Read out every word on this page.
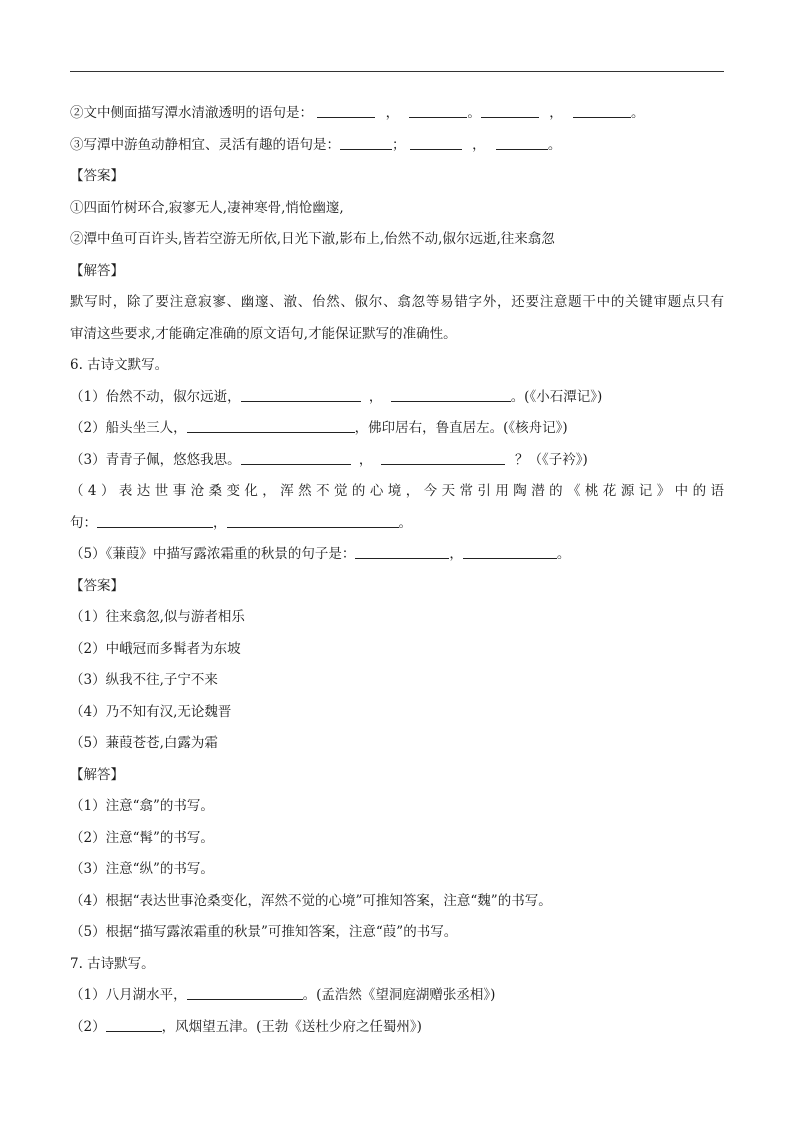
②文中侧面描写潭水清澈透明的语句是：	，	。	，	。
③写潭中游鱼动静相宜、灵活有趣的语句是：	；	，	。
【答案】
①四面竹树环合,寂寥无人,凄神寒骨,悄怆幽邃,
②潭中鱼可百许头,皆若空游无所依,日光下澈,影布上,佁然不动,俶尔远逝,往来翕忽
【解答】
默写时，除了要注意寂寥、幽邃、澈、佁然、俶尔、翕忽等易错字外，还要注意题干中的关键审题点只有
审清这些要求,才能确定准确的原文语句,才能保证默写的准确性。
6. 古诗文默写。
（1）佁然不动，俶尔远逝，	，	。(《小石潭记》)
（2）船头坐三人，	，佛印居右，鲁直居左。(《核舟记》)
（3）青青子佩，悠悠我思。	，	？（《子衿》)
（4）表达世事沧桑变化，浑然不觉的心境，今天常引用陶潜的《桃花源记》中的语
句：	，	。
（5）《蒹葭》中描写露浓霜重的秋景的句子是：	，	。
【答案】
（1）往来翕忽,似与游者相乐
（2）中峨冠而多髯者为东坡
（3）纵我不往,子宁不来
（4）乃不知有汉,无论魏晋
（5）蒹葭苍苍,白露为霜
【解答】
（1）注意“翕”的书写。
（2）注意“髯”的书写。
（3）注意“纵”的书写。
（4）根据“表达世事沧桑变化，浑然不觉的心境”可推知答案，注意“魏”的书写。
（5）根据“描写露浓霜重的秋景”可推知答案，注意“葭”的书写。
7. 古诗默写。
（1）八月湖水平，	。(孟浩然《望洞庭湖赠张丞相》)
（2）	，风烟望五津。(王勃《送杜少府之任蜀州》)
